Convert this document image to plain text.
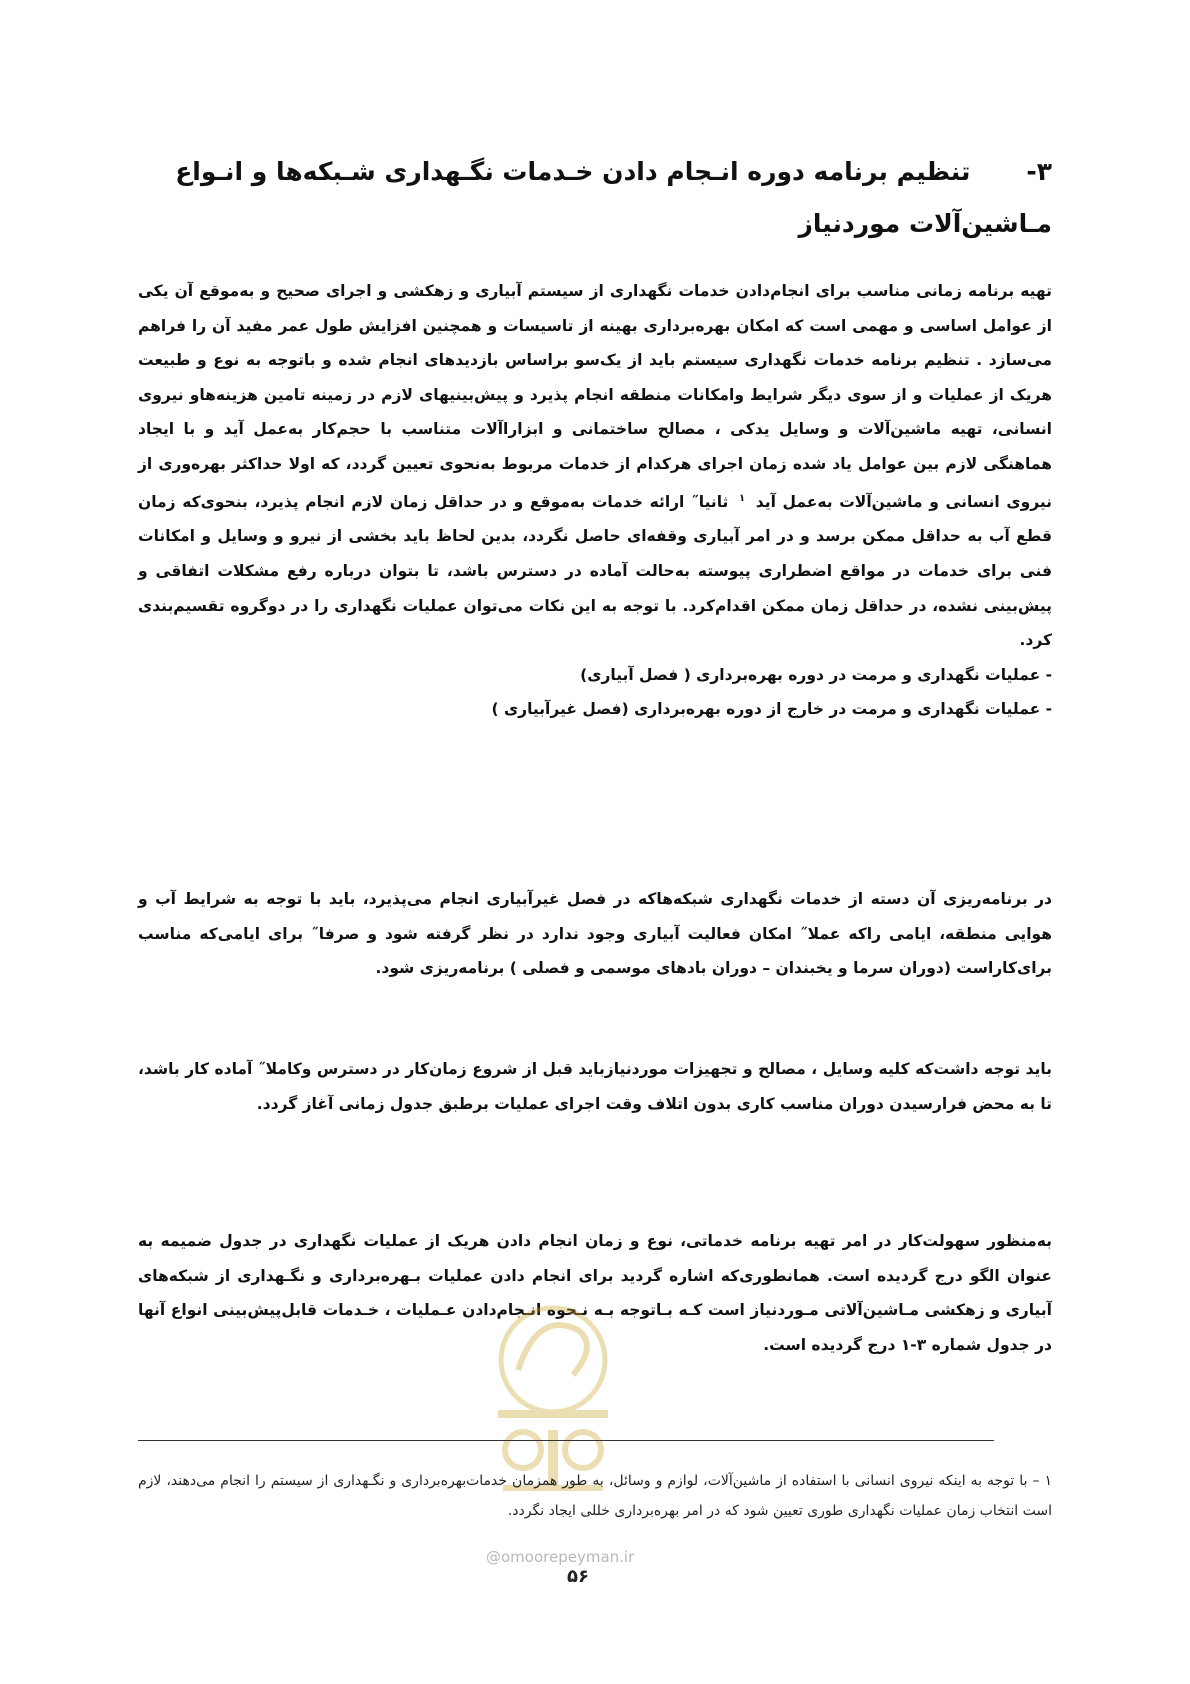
۳-تنظیم برنامه دوره انـجام دادن خـدمات نگـهداری شـبکه‌ها و انـواع مـاشین‌آلات موردنیاز

تهیه برنامه زمانی مناسب برای انجام‌دادن خدمات نگهداری از سیستم آبیاری و زهکشی و اجرای صحیح و به‌موقع آن یکی از عوامل اساسی و مهمی است که امکان بهره‌برداری بهینه از تاسیسات و همچنین افزایش طول عمر مفید آن را فراهم می‌سازد . تنظیم برنامه خدمات نگهداری سیستم باید از یک‌سو براساس بازدیدهای انجام شده و باتوجه به نوع و طبیعت هریک از عملیات و از سوی دیگر شرایط وامکانات منطقه انجام پذیرد و پیش‌بینیهای لازم در زمینه تامین هزینه‌هاو نیروی انسانی، تهیه ماشین‌آلات و وسایل یدکی ، مصالح ساختمانی و ابزاراآلات متناسب با حجم‌کار به‌عمل آید و با ایجاد هماهنگی لازم بین عوامل یاد شده زمان اجرای هرکدام از خدمات مربوط به‌نحوی تعیین گردد، که اولا حداکثر بهره‌وری از نیروی انسانی و ماشین‌آلات به‌عمل آید $^۱$ ثانیا˝ ارائه خدمات به‌موقع و در حداقل زمان لازم انجام پذیرد، بنحوی‌که زمان قطع آب به حداقل ممکن برسد و در امر آبیاری وقفه‌ای حاصل نگردد، بدین لحاظ باید بخشی از نیرو و وسایل و امکانات فنی برای خدمات در مواقع اضطراری پیوسته به‌حالت آماده در دسترس باشد، تا بتوان درباره رفع مشکلات اتفاقی و پیش‌بینی نشده، در حداقل زمان ممکن اقدام‌کرد. با توجه به این نکات می‌توان عملیات نگهداری را در دوگروه تقسیم‌بندی کرد.

- عملیات نگهداری و مرمت در دوره بهره‌برداری ( فصل آبیاری)
- عملیات نگهداری و مرمت در خارج از دوره بهره‌برداری (فصل غیرآبیاری )

در برنامه‌ریزی آن دسته از خدمات نگهداری شبکه‌هاکه در فصل غیرآبیاری انجام می‌پذیرد، باید با توجه به شرایط آب و هوایی منطقه، ایامی راکه عملا˝ امکان فعالیت آبیاری وجود ندارد در نظر گرفته شود و صرفا˝ برای ایامی‌که مناسب برای‌کاراست (دوران سرما و یخبندان – دوران بادهای موسمی و فصلی ) برنامه‌ریزی شود.

باید توجه داشت‌که کلیه وسایل ، مصالح و تجهیزات موردنیازباید قبل از شروع زمان‌کار در دسترس وکاملا˝ آماده کار باشد، تا به محض فرارسیدن دوران مناسب کاری بدون اتلاف وقت اجرای عملیات برطبق جدول زمانی آغاز گردد.

به‌منظور سهولت‌کار در امر تهیه برنامه خدماتی، نوع و زمان انجام دادن هریک از عملیات نگهداری در جدول ضمیمه به عنوان الگو درج گردیده است. همانطوری‌که اشاره گردید برای انجام دادن عملیات بـهره‌برداری و نگـهداری از شبکه‌های آبیاری و زهکشی مـاشین‌آلاتی مـوردنیاز است کـه بـاتوجه بـه نـحوه انـجام‌دادن عـملیات ، خـدمات قابل‌پیش‌بینی انواع آنها در جدول شماره ۳-۱ درج گردیده است.

۱ – با توجه به اینکه نیروی انسانی با استفاده از ماشین‌آلات، لوازم و وسائل، به طور همزمان خدمات‌بهره‌برداری و نگـهداری از سیستم را انجام می‌دهند، لازم است انتخاب زمان عملیات نگهداری طوری تعیین شود که در امر بهره‌برداری خللی ایجاد نگردد.

@omoorepeyman.ir
۵۶
